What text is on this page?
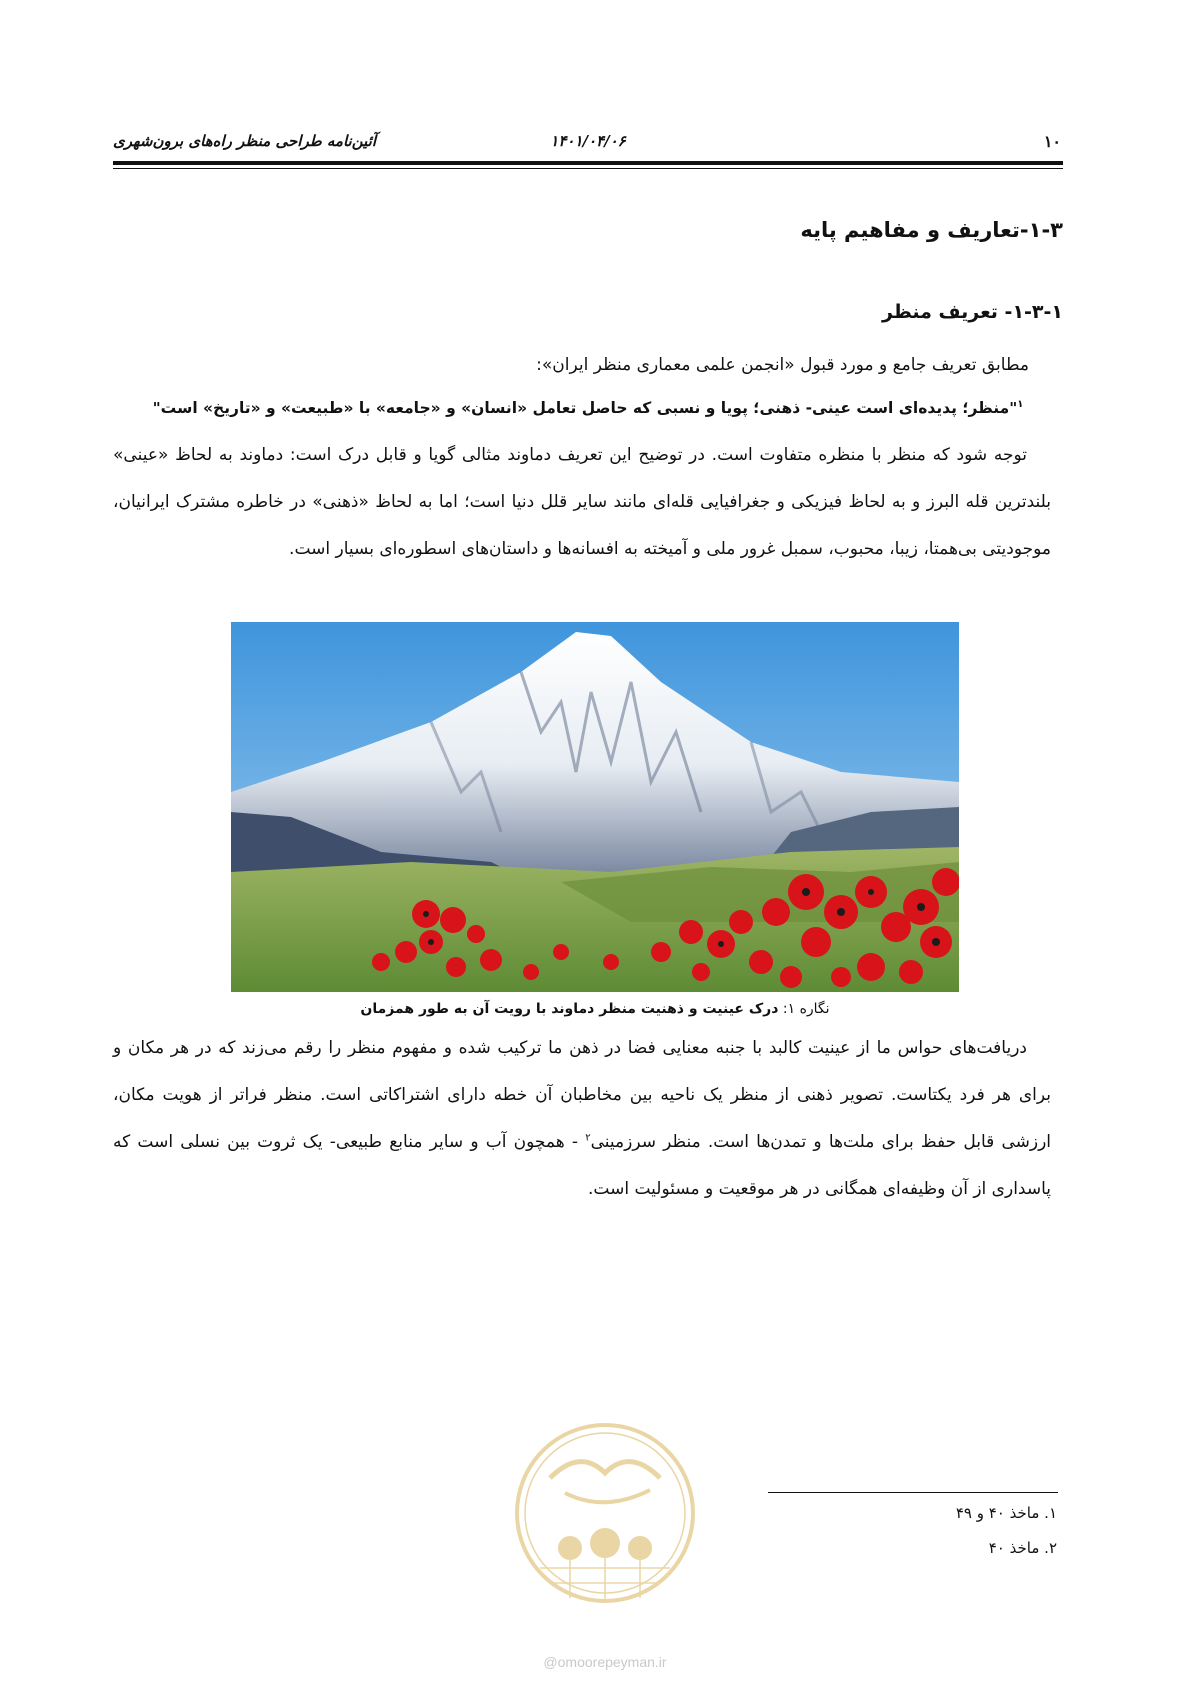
۱۰
۱۴۰۱/۰۴/۰۶
آئین‌نامه طراحی منظر راه‌های برون‌شهری
۱-۳-تعاریف و مفاهیم پایه
۱-۳-۱- تعریف منظر
مطابق تعریف جامع و مورد قبول «انجمن علمی معماری منظر ایران»:
$^۱$"منظر؛ پدیده‌ای است عینی- ذهنی؛ پویا و نسبی که حاصل تعامل «انسان» و «جامعه» با «طبیعت» و «تاریخ» است"
توجه شود که منظر با منظره متفاوت است. در توضیح این تعریف دماوند مثالی گویا و قابل درک است: دماوند به لحاظ «عینی» بلندترین قله البرز و به لحاظ فیزیکی و جغرافیایی قله‌ای مانند سایر قلل دنیا است؛ اما به لحاظ «ذهنی» در خاطره مشترک ایرانیان، موجودیتی بی‌همتا، زیبا، محبوب، سمبل غرور ملی و آمیخته به افسانه‌ها و داستان‌های اسطوره‌ای بسیار است.
نگاره ۱: درک عینیت و ذهنیت منظر دماوند با رویت آن به طور همزمان
دریافت‌های حواس ما از عینیت کالبد با جنبه معنایی فضا در ذهن ما ترکیب شده و مفهوم منظر را رقم می‌زند که در هر مکان و برای هر فرد یکتاست. تصویر ذهنی از منظر یک ناحیه بین مخاطبان آن خطه دارای اشتراکاتی است. منظر فراتر از هویت مکان، ارزشی قابل حفظ برای ملت‌ها و تمدن‌ها است. منظر سرزمینی$^۲$ - همچون آب و سایر منابع طبیعی- یک ثروت بین نسلی است که پاسداری از آن وظیفه‌ای همگانی در هر موقعیت و مسئولیت است.
۱. ماخذ ۴۰ و ۴۹
۲. ماخذ ۴۰
@omoorepeyman.ir
